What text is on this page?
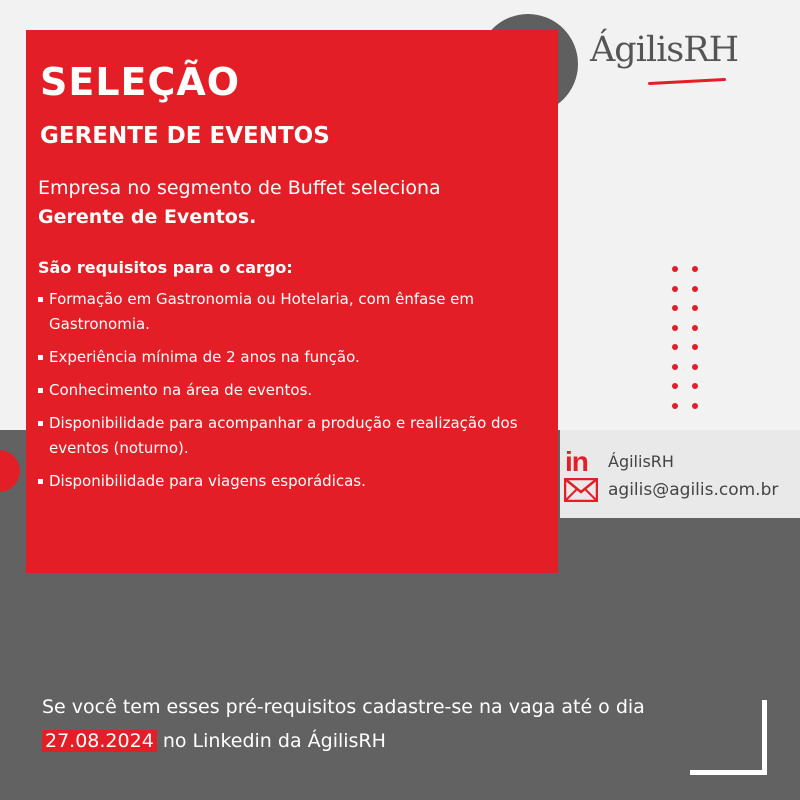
ÁgilisRH
SELEÇÃO
GERENTE DE EVENTOS
Empresa no segmento de Buffet seleciona
Gerente de Eventos.
São requisitos para o cargo:
Formação em Gastronomia ou Hotelaria, com ênfase em Gastronomia.
Experiência mínima de 2 anos na função.
Conhecimento na área de eventos.
Disponibilidade para acompanhar a produção e realização dos eventos (noturno).
Disponibilidade para viagens esporádicas.
in ÁgilisRH
agilis@agilis.com.br
Se você tem esses pré-requisitos cadastre-se na vaga até o dia 27.08.2024 no Linkedin da ÁgilisRH
